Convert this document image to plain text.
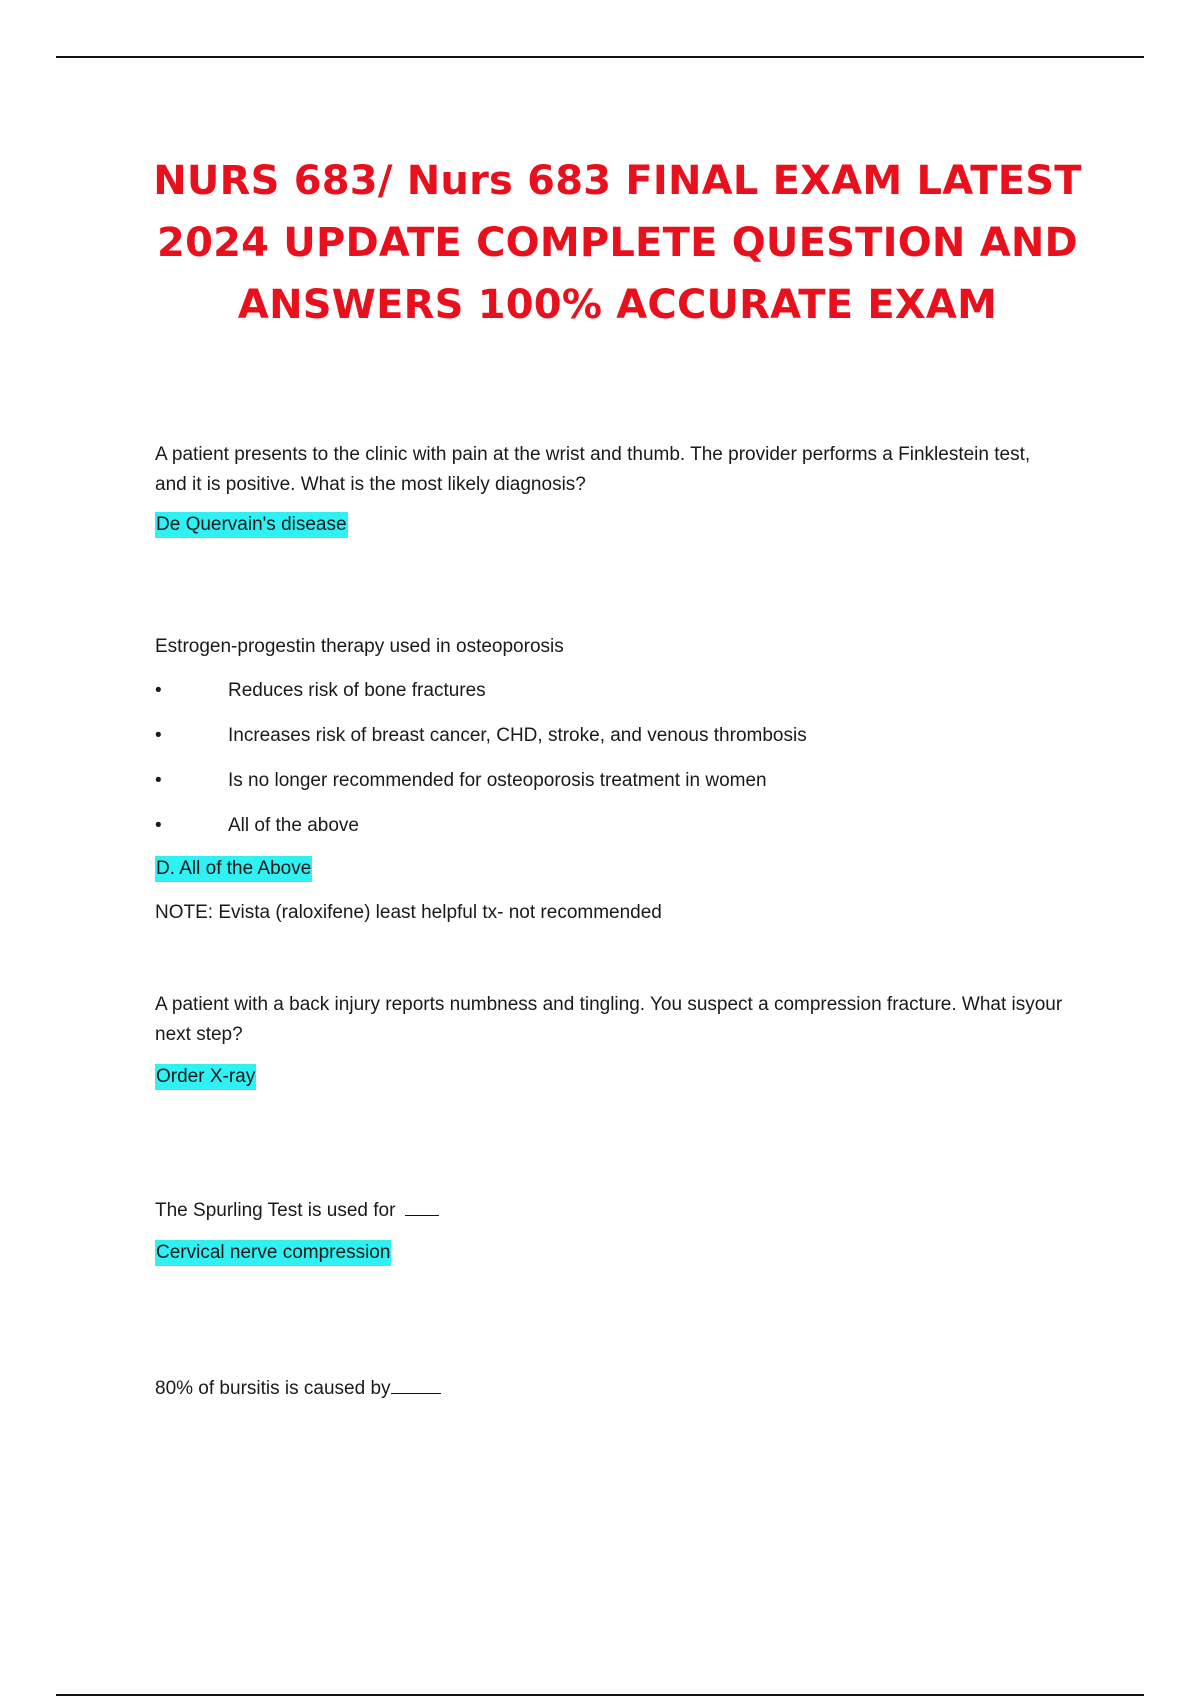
NURS 683/ Nurs 683 FINAL EXAM LATEST 2024 UPDATE COMPLETE QUESTION AND ANSWERS 100% ACCURATE EXAM

A patient presents to the clinic with pain at the wrist and thumb. The provider performs a Finklestein test, and it is positive. What is the most likely diagnosis?

De Quervain's disease

Estrogen-progestin therapy used in osteoporosis

•	Reduces risk of bone fractures
•	Increases risk of breast cancer, CHD, stroke, and venous thrombosis
•	Is no longer recommended for osteoporosis treatment in women
•	All of the above

D. All of the Above

NOTE: Evista (raloxifene) least helpful tx- not recommended

A patient with a back injury reports numbness and tingling. You suspect a compression fracture. What isyour next step?

Order X-ray

The Spurling Test is used for

Cervical nerve compression

80% of bursitis is caused by
